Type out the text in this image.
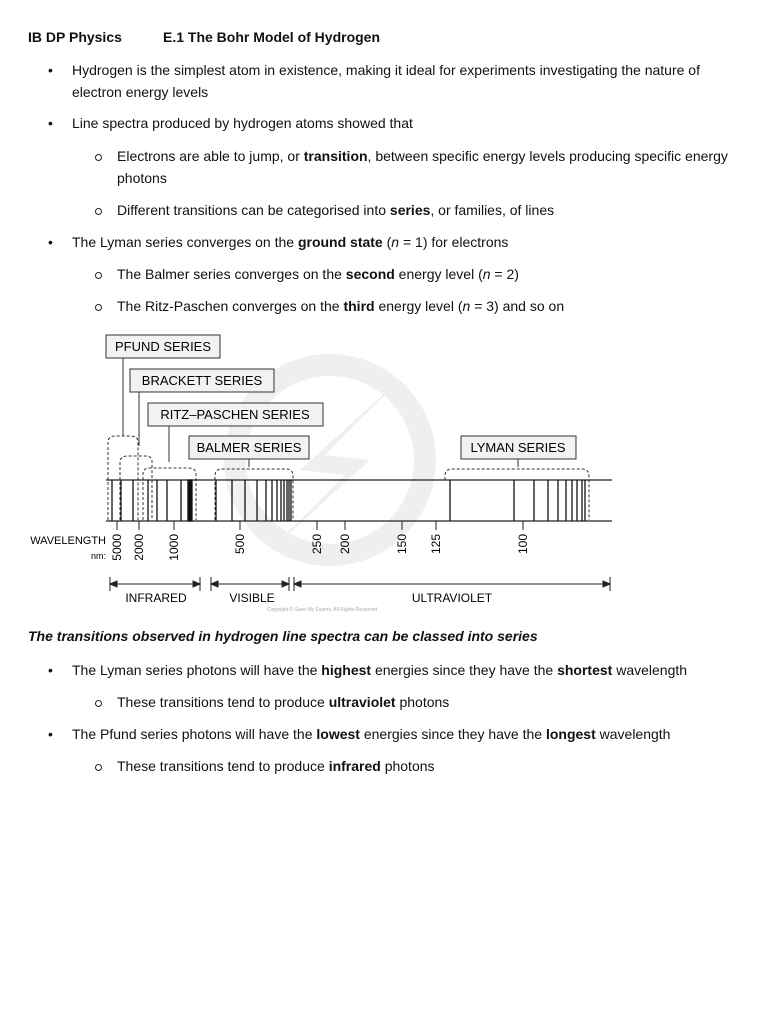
IB DP Physics	E.1 The Bohr Model of Hydrogen
• Hydrogen is the simplest atom in existence, making it ideal for experiments investigating the nature of electron energy levels
• Line spectra produced by hydrogen atoms showed that
Electrons are able to jump, or transition, between specific energy levels producing specific energy photons
Different transitions can be categorised into series, or families, of lines
• The Lyman series converges on the ground state (n = 1) for electrons
The Balmer series converges on the second energy level (n = 2)
The Ritz-Paschen converges on the third energy level (n = 3) and so on
PFUND SERIES
BRACKETT SERIES
RITZ–PASCHEN SERIES
BALMER SERIES	LYMAN SERIES
WAVELENGTH
nm: 5000 2000 1000	500	250 200	150 125	100
INFRARED	VISIBLE	ULTRAVIOLET
Copyright © Save My Exams. All Rights Reserved
The transitions observed in hydrogen line spectra can be classed into series
• The Lyman series photons will have the highest energies since they have the shortest wavelength
These transitions tend to produce ultraviolet photons
• The Pfund series photons will have the lowest energies since they have the longest wavelength
These transitions tend to produce infrared photons
